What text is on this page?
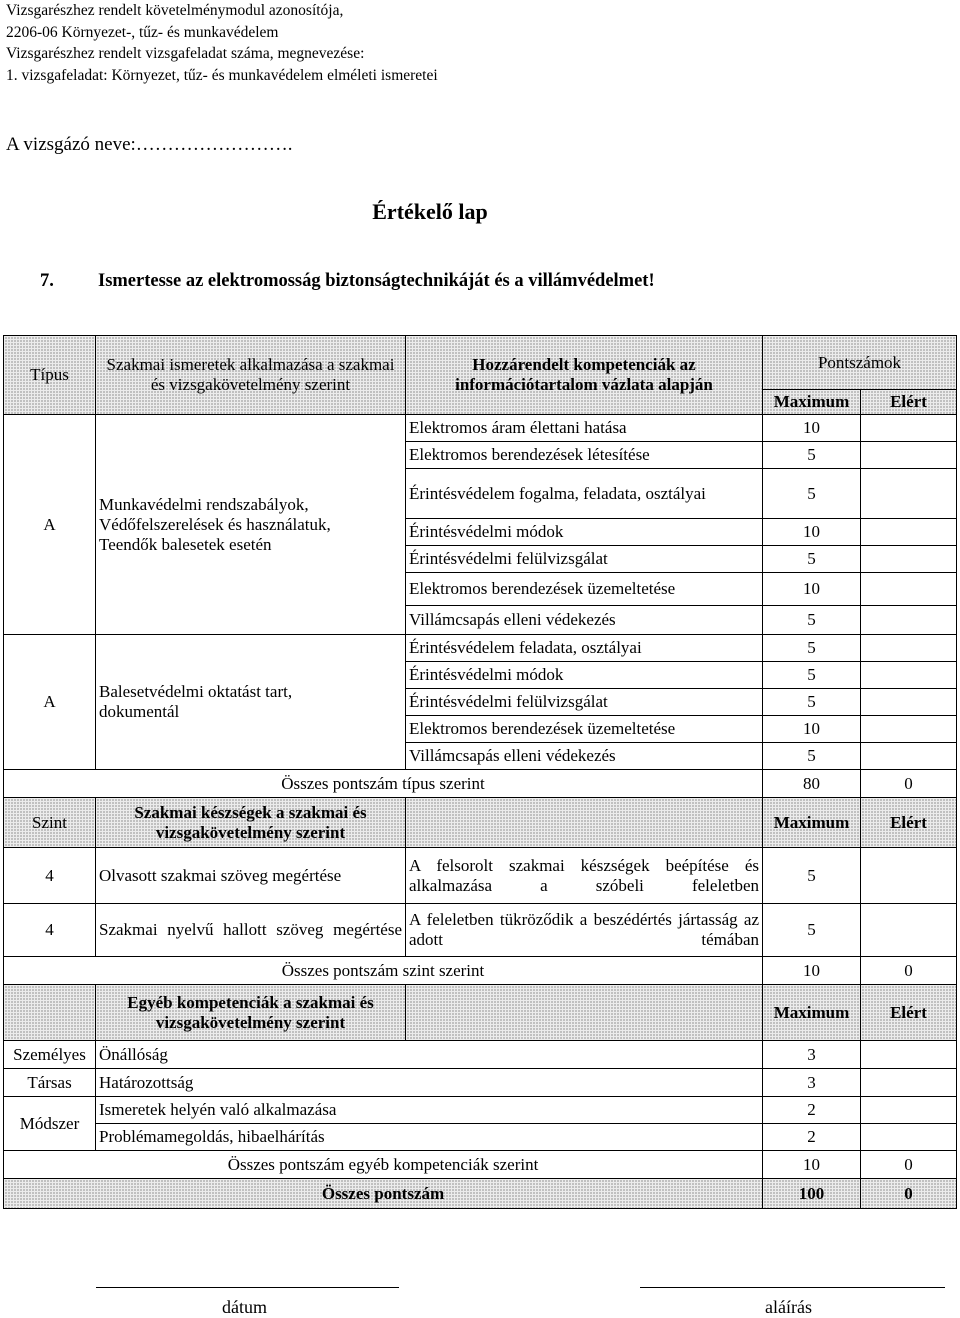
Vizsgarészhez rendelt követelménymodul azonosítója,
2206-06 Környezet-, tűz- és munkavédelem
Vizsgarészhez rendelt vizsgafeladat száma, megnevezése:
1. vizsgafeladat: Környezet, tűz- és munkavédelem elméleti ismeretei
A vizsgázó neve:…………………….
Értékelő lap
7. Ismertesse az elektromosság biztonságtechnikáját és a villámvédelmet!
Típus	Szakmai ismeretek alkalmazása a szakmai és vizsgakövetelmény szerint	Hozzárendelt kompetenciák az információtartalom vázlata alapján	Pontszámok	
			Maximum	Elért
A	Munkavédelmi rendszabályok,
Védőfelszerelések és használatuk,
Teendők balesetek esetén	Elektromos áram élettani hatása	10	
		Elektromos berendezések létesítése	5	
		Érintésvédelem fogalma, feladata, osztályai	5	
		Érintésvédelmi módok	10	
		Érintésvédelmi felülvizsgálat	5	
		Elektromos berendezések üzemeltetése	10	
		Villámcsapás elleni védekezés	5	
A	Balesetvédelmi oktatást tart,
dokumentál	Érintésvédelem feladata, osztályai	5	
		Érintésvédelmi módok	5	
		Érintésvédelmi felülvizsgálat	5	
		Elektromos berendezések üzemeltetése	10	
		Villámcsapás elleni védekezés	5	
Összes pontszám típus szerint			80	0
Szint	Szakmai készségek a szakmai és vizsgakövetelmény szerint		Maximum	Elért
4	Olvasott szakmai szöveg megértése	A felsorolt szakmai készségek beépítése és alkalmazása a szóbeli feleletben	5	
4	Szakmai nyelvű hallott szöveg megértése	A feleletben tükröződik a beszédértés jártasság az adott témában	5	
Összes pontszám szint szerint			10	0
	Egyéb kompetenciák a szakmai és vizsgakövetelmény szerint		Maximum	Elért
Személyes	Önállóság		3	
Társas	Határozottság		3	
Módszer	Ismeretek helyén való alkalmazása		2	
	Problémamegoldás, hibaelhárítás		2	
Összes pontszám egyéb kompetenciák szerint			10	0
Összes pontszám			100	0
dátum	aláírás
